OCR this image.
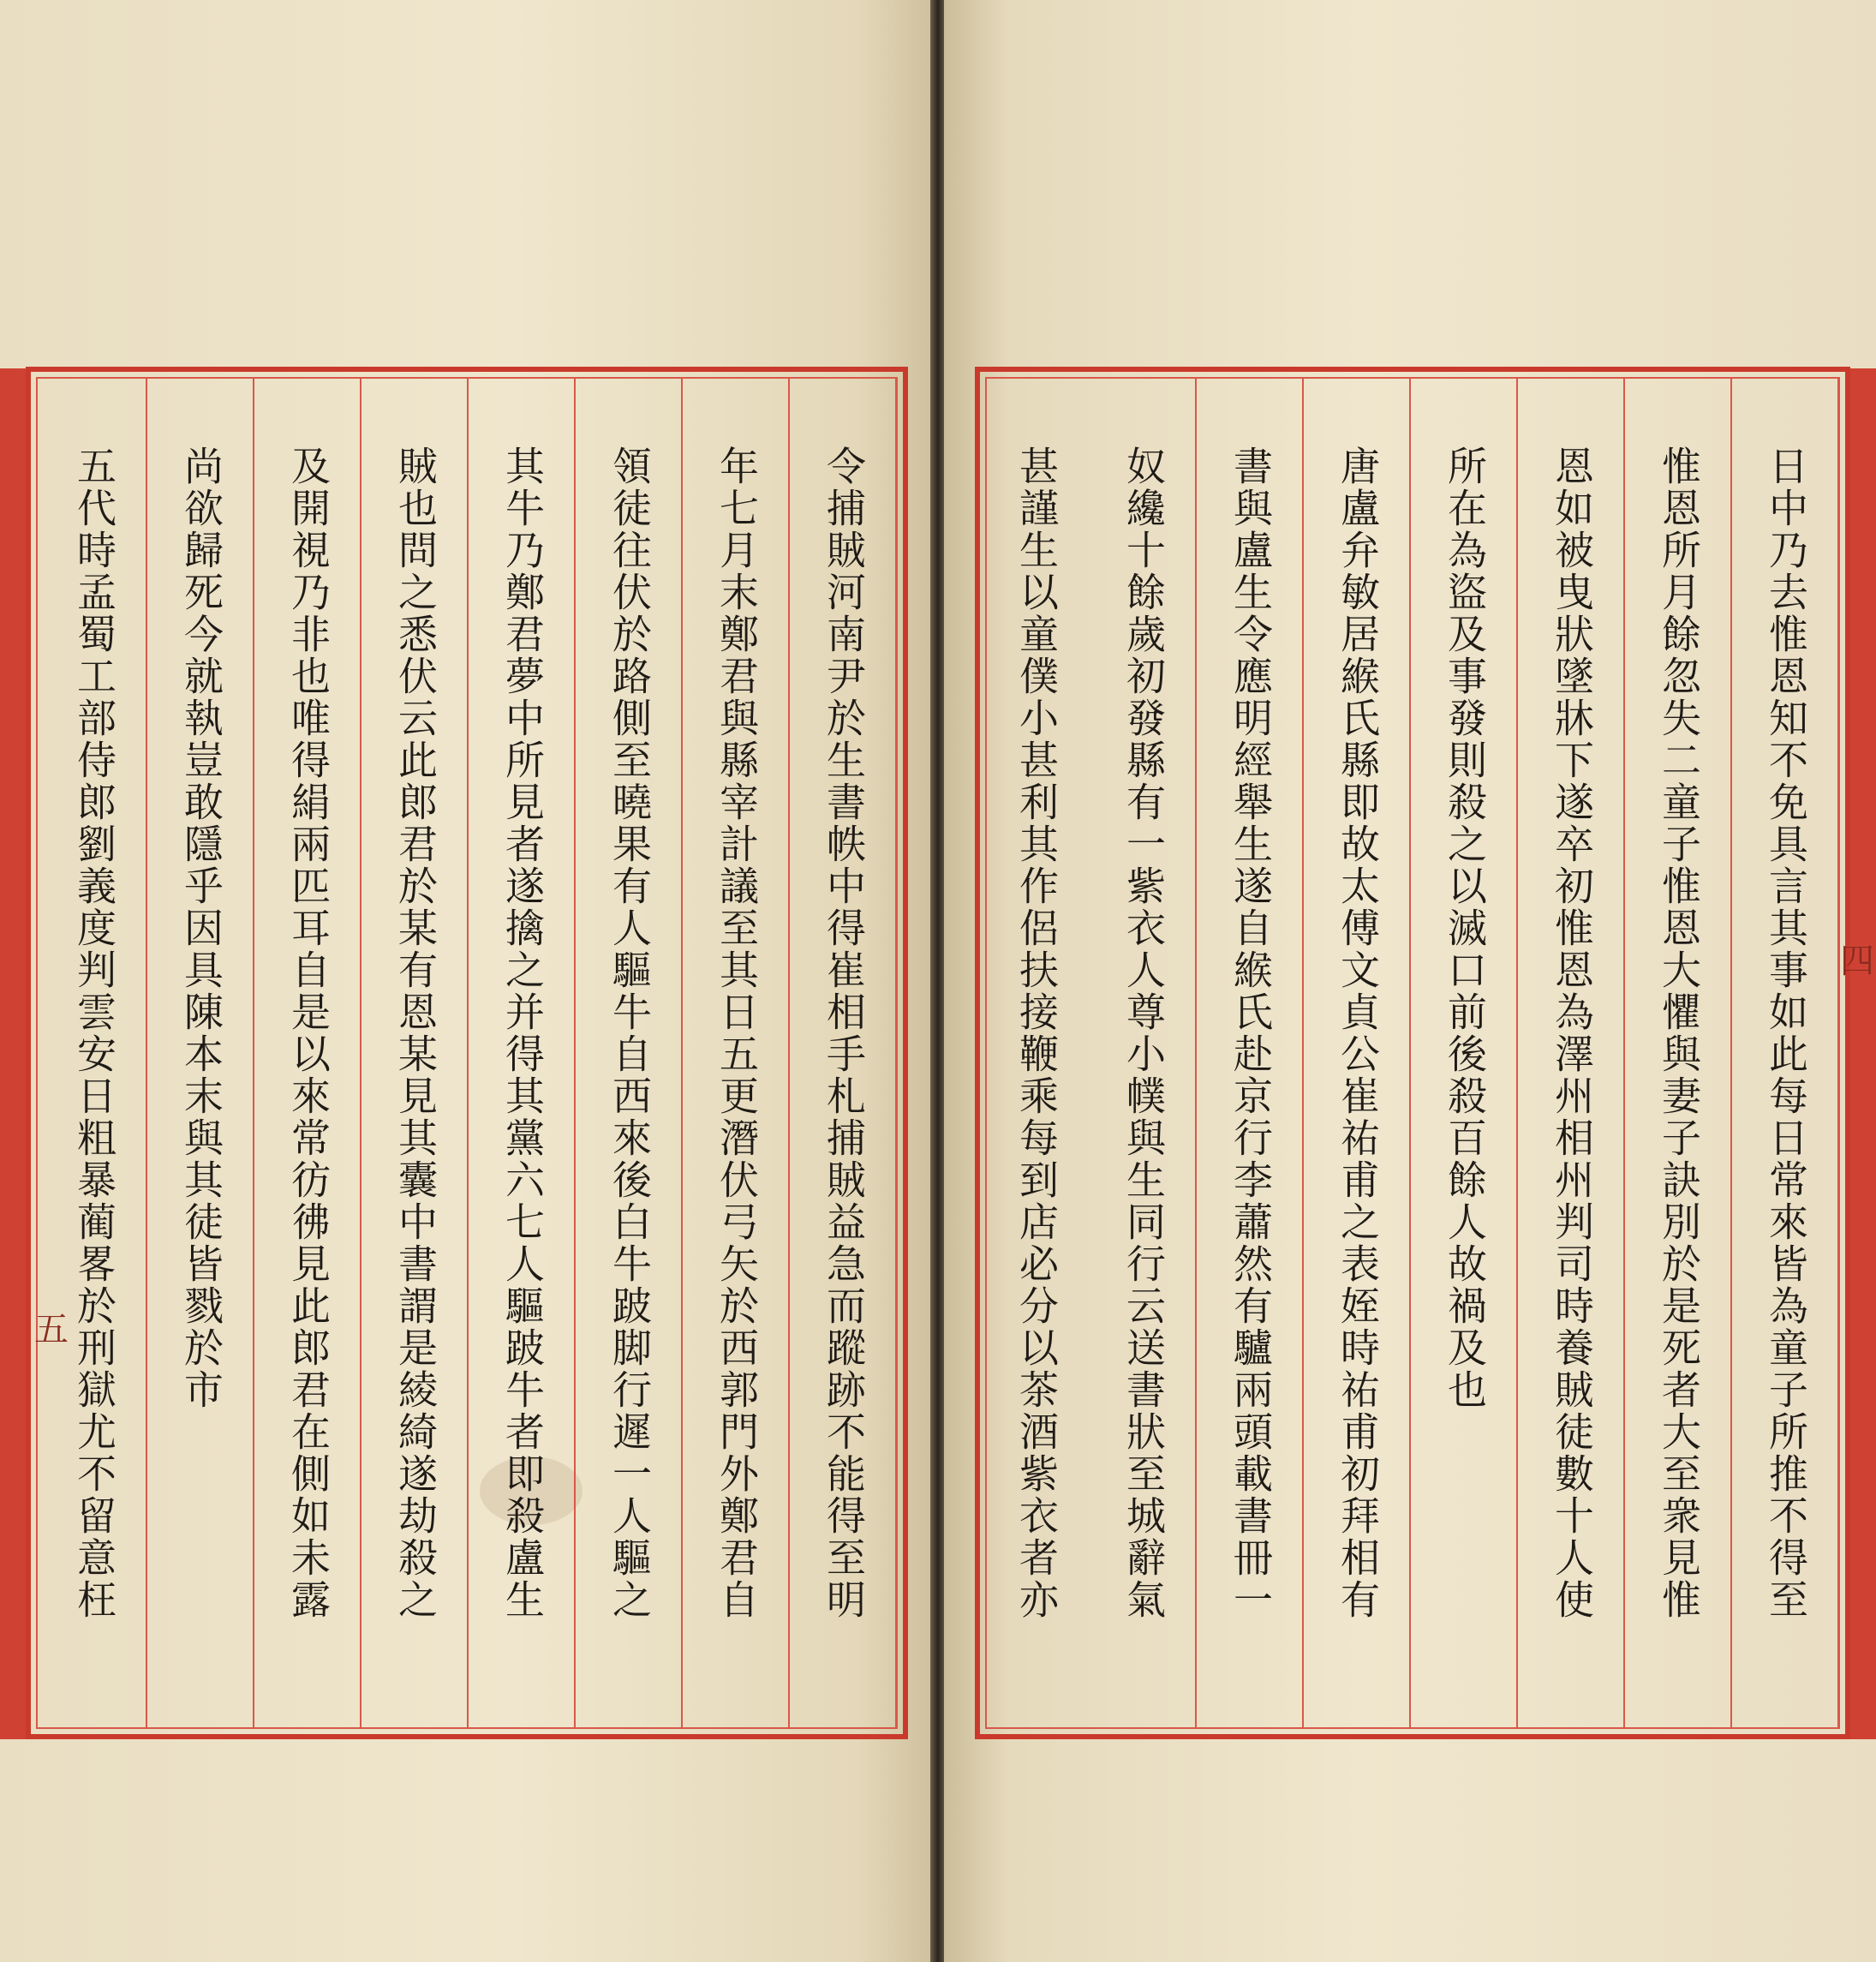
令捕賊河南尹於生書帙中得崔相手札捕賊益急而蹤跡不能得至明
年七月末鄭君與縣宰計議至其日五更潛伏弓矢於西郭門外鄭君自
領徒往伏於路側至曉果有人驅牛自西來後白牛跛脚行遲一人驅之
其牛乃鄭君夢中所見者遂擒之并得其黨六七人驅跛牛者即殺盧生
賊也問之悉伏云此郎君於某有恩某見其囊中書謂是綾綺遂劫殺之
及開視乃非也唯得絹兩匹耳自是以來常彷彿見此郎君在側如未露
尚欲歸死今就執豈敢隱乎因具陳本末與其徒皆戮於市
五代時孟蜀工部侍郎劉義度判雲安日粗暴蔺畧於刑獄尤不留意枉
五	日中乃去惟恩知不免具言其事如此每日常來皆為童子所推不得至
惟恩所月餘忽失二童子惟恩大懼與妻子訣別於是死者大至衆見惟
恩如被曳狀墜牀下遂卒初惟恩為澤州相州判司時養賊徒數十人使
所在為盜及事發則殺之以滅口前後殺百餘人故禍及也
唐盧弁敏居緱氏縣即故太傅文貞公崔祐甫之表姪時祐甫初拜相有
書與盧生令應明經舉生遂自緱氏赴京行李蕭然有驢兩頭載書冊一
奴纔十餘歲初發縣有一紫衣人尊小幞與生同行云送書狀至城辭氣
甚謹生以童僕小甚利其作侶扶接鞭乘每到店必分以茶酒紫衣者亦	四
